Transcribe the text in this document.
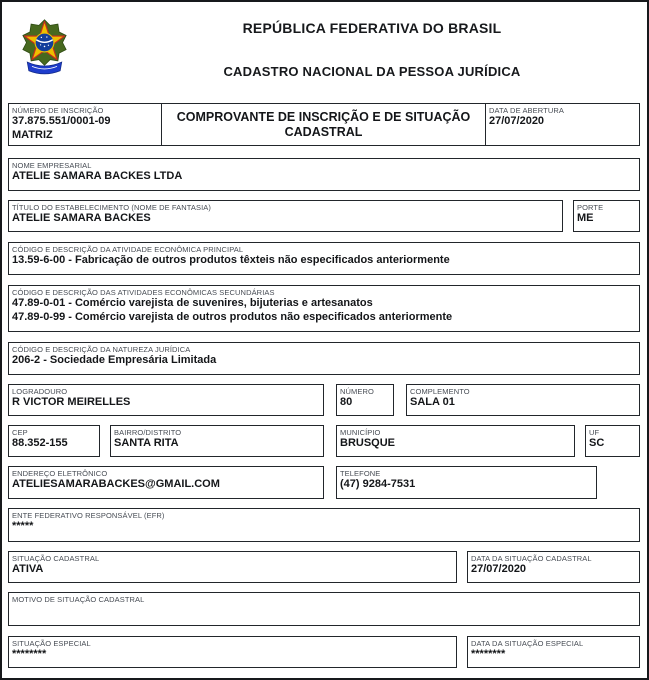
REPÚBLICA FEDERATIVA DO BRASIL
CADASTRO NACIONAL DA PESSOA JURÍDICA
NÚMERO DE INSCRIÇÃO
37.875.551/0001-09
MATRIZ
COMPROVANTE DE INSCRIÇÃO E DE SITUAÇÃO CADASTRAL
DATA DE ABERTURA
27/07/2020
NOME EMPRESARIAL
ATELIE SAMARA BACKES LTDA
TÍTULO DO ESTABELECIMENTO (NOME DE FANTASIA)
ATELIE SAMARA BACKES
PORTE
ME
CÓDIGO E DESCRIÇÃO DA ATIVIDADE ECONÔMICA PRINCIPAL
13.59-6-00 - Fabricação de outros produtos têxteis não especificados anteriormente
CÓDIGO E DESCRIÇÃO DAS ATIVIDADES ECONÔMICAS SECUNDÁRIAS
47.89-0-01 - Comércio varejista de suvenires, bijuterias e artesanatos
47.89-0-99 - Comércio varejista de outros produtos não especificados anteriormente
CÓDIGO E DESCRIÇÃO DA NATUREZA JURÍDICA
206-2 - Sociedade Empresária Limitada
LOGRADOURO
R VICTOR MEIRELLES
NÚMERO
80
COMPLEMENTO
SALA 01
CEP
88.352-155
BAIRRO/DISTRITO
SANTA RITA
MUNICÍPIO
BRUSQUE
UF
SC
ENDEREÇO ELETRÔNICO
ATELIESAMARABACKES@GMAIL.COM
TELEFONE
(47) 9284-7531
ENTE FEDERATIVO RESPONSÁVEL (EFR)
*****
SITUAÇÃO CADASTRAL
ATIVA
DATA DA SITUAÇÃO CADASTRAL
27/07/2020
MOTIVO DE SITUAÇÃO CADASTRAL
SITUAÇÃO ESPECIAL
********
DATA DA SITUAÇÃO ESPECIAL
********
